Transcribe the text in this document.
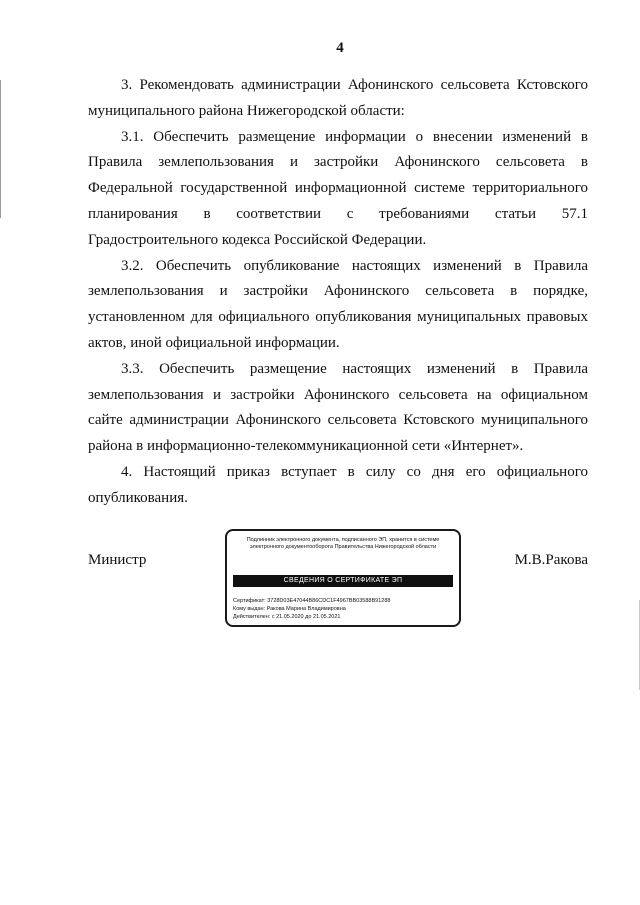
4

3. Рекомендовать администрации Афонинского сельсовета Кстовского муниципального района Нижегородской области:

3.1. Обеспечить размещение информации о внесении изменений в Правила землепользования и застройки Афонинского сельсовета в Федеральной государственной информационной системе территориального планирования в соответствии с требованиями статьи 57.1 Градостроительного кодекса Российской Федерации.

3.2. Обеспечить опубликование настоящих изменений в Правила землепользования и застройки Афонинского сельсовета в порядке, установленном для официального опубликования муниципальных правовых актов, иной официальной информации.

3.3. Обеспечить размещение настоящих изменений в Правила землепользования и застройки Афонинского сельсовета на официальном сайте администрации Афонинского сельсовета Кстовского муниципального района в информационно-телекоммуникационной сети «Интернет».

4. Настоящий приказ вступает в силу со дня его официального опубликования.

Министр	М.В.Ракова
Подлинник электронного документа, подписанного ЭП, хранится в системе электронного документооборота Правительства Нижегородской области
СВЕДЕНИЯ О СЕРТИФИКАТЕ ЭП
Сертификат: 3728D03E47044B86CDC1F4967BB03588B91288
Кому выдан: Ракова Марина Владимировна
Действителен: с 21.05.2020 до 21.05.2021
